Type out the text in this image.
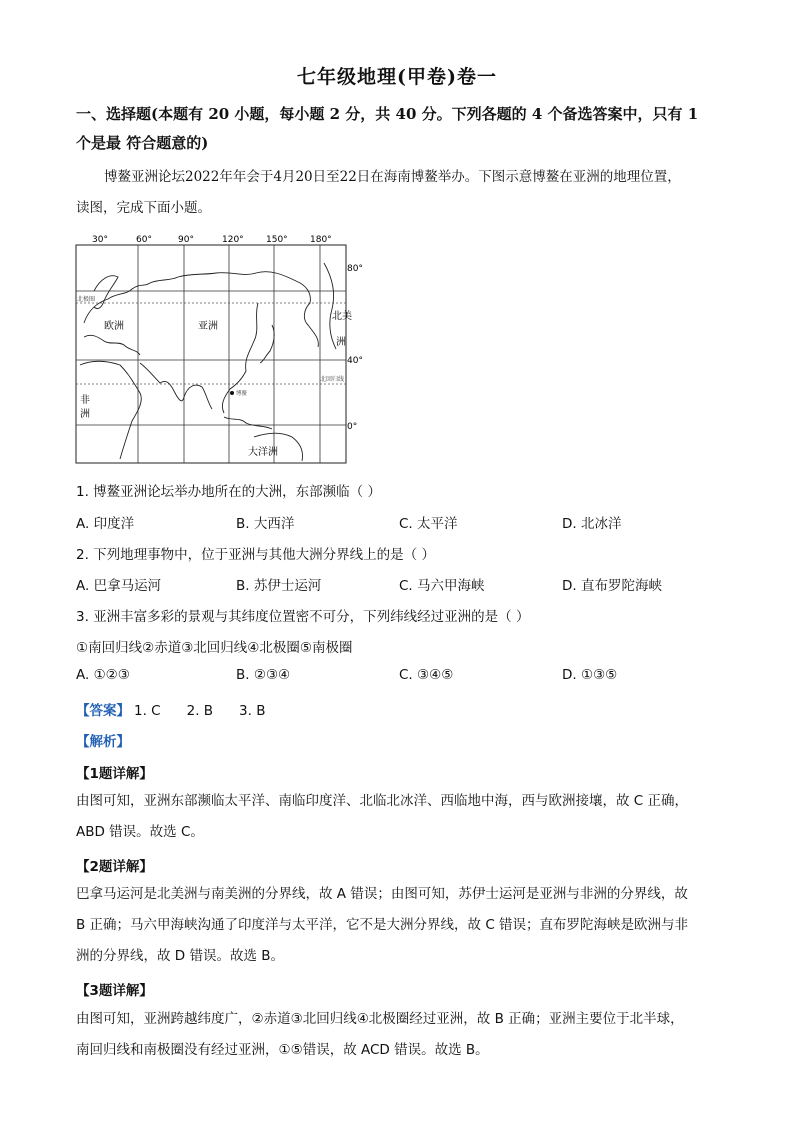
七年级地理(甲卷)卷一
一、选择题(本题有 20 小题，每小题 2 分，共 40 分。下列各题的 4 个备选答案中，只有 1
个是最 符合题意的)
博鳌亚洲论坛2022年年会于4月20日至22日在海南博鳌举办。下图示意博鳌在亚洲的地理位置，
读图，完成下面小题。
30°	60°	90°	120° 150° 180°
80°
40°
0°
北极圈
北回归线
博鳌
欧洲	亚洲
非
洲
北美
洲
大洋洲
1. 博鳌亚洲论坛举办地所在的大洲，东部濒临（ ）
A. 印度洋	B. 大西洋	C. 太平洋	D. 北冰洋
2. 下列地理事物中，位于亚洲与其他大洲分界线上的是（ ）
A. 巴拿马运河	B. 苏伊士运河	C. 马六甲海峡	D. 直布罗陀海峡
3. 亚洲丰富多彩的景观与其纬度位置密不可分，下列纬线经过亚洲的是（ ）
①南回归线②赤道③北回归线④北极圈⑤南极圈
A. ①②③	B. ②③④	C. ③④⑤	D. ①③⑤
【答案】 1. C 2. B 3. B
【解析】
【1题详解】
由图可知，亚洲东部濒临太平洋、南临印度洋、北临北冰洋、西临地中海，西与欧洲接壤，故 C 正确，
ABD 错误。故选 C。
【2题详解】
巴拿马运河是北美洲与南美洲的分界线，故 A 错误；由图可知，苏伊士运河是亚洲与非洲的分界线，故
B 正确；马六甲海峡沟通了印度洋与太平洋，它不是大洲分界线，故 C 错误；直布罗陀海峡是欧洲与非
洲的分界线，故 D 错误。故选 B。
【3题详解】
由图可知，亚洲跨越纬度广，②赤道③北回归线④北极圈经过亚洲，故 B 正确；亚洲主要位于北半球，
南回归线和南极圈没有经过亚洲，①⑤错误，故 ACD 错误。故选 B。
